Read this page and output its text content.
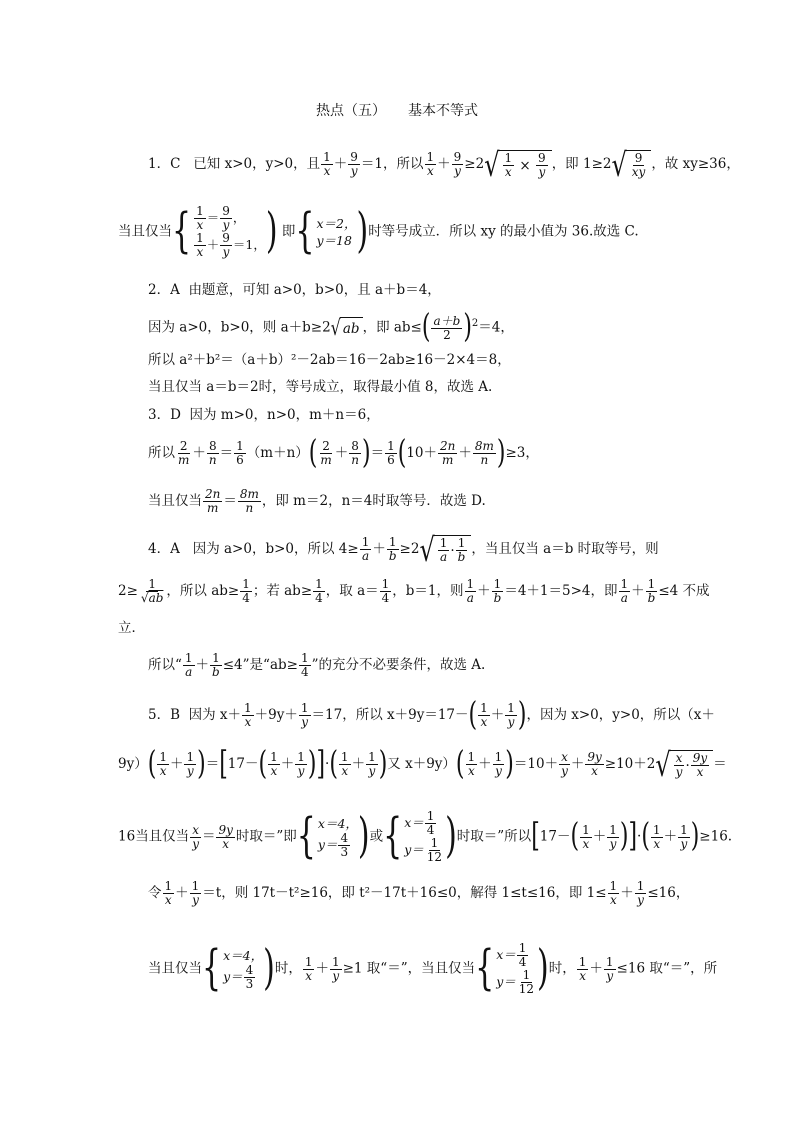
热点（五） 基本不等式
1．C 已知 x>0，y>0，且 $\frac{1}{x} + \frac{9}{y} =1$，所以 $\frac{1}{x} + \frac{9}{y} \ge 2$ √ $\frac{1}{x} \times \frac{9}{y}$ ，即 1≥2 √ $\frac{9}{xy}$ ，故 xy≥36，
当且仅当 { $\frac{1}{x} = \frac{9}{y}$ ，
$\frac{1}{x} + \frac{9}{y} =1$， ) 即 { x＝2，
y＝18 )时等号成立．所以 xy 的最小值为 36.故选 C.
2．A 由题意，可知 a>0，b>0，且 a＋b＝4，
因为 a>0，b>0，则 a＋b≥2 √ ab ，即 $ab\le( \frac{a+b}{2} )^2=4$，
所以 a²＋b²＝（a＋b）²－2ab＝16－2ab≥16－2×4＝8，
当且仅当 a＝b＝2时，等号成立，取得最小值 8，故选 A.
3．D 因为 m>0，n>0，m＋n＝6，
所以 $\frac{2}{m} + \frac{8}{n} = \frac{1}{6} (m+n)( \frac{2}{m} + \frac{8}{n}$ )＝ $\frac{1}{6} (10+ \frac{2n}{m} + \frac{8m}{n} )\ge 3$，
当且仅当 $\frac{2n}{m} = \frac{8m}{n}$ ，即 m＝2，n＝4时取等号．故选 D.
4．A 因为 a>0，b>0，所以 $4\ge \frac{1}{a} + \frac{1}{b} \ge 2$ √ $\frac{1}{a} \cdot \frac{1}{b}$ ，当且仅当 a＝b 时取等号，则
$2\ge \frac{1}{√ab}$ ，所以 $ab\ge \frac{1}{4}$ ；若 $ab\ge \frac{1}{4}$ ，取 $a= \frac{1}{4}$ ，b＝1，则 $\frac{1}{a} + \frac{1}{b} =4+1=5>4$，即 $\frac{1}{a} + \frac{1}{b} \le 4$ 不成
立．
所以“ $\frac{1}{a} + \frac{1}{b} \le 4$”是“$ab\ge \frac{1}{4}$ ”的充分不必要条件，故选 A.
5．B 因为 $x+ \frac{1}{x} +9y+ \frac{1}{y} =17$，所以 $x+9y=17-( \frac{1}{x} + \frac{1}{y}$ )，因为 x>0，y>0，所以（x＋
$9y)( \frac{1}{x} + \frac{1}{y} )=[17-( \frac{1}{x} + \frac{1}{y}$ )]·( $\frac{1}{x} + \frac{1}{y}$ )又 $x+9y)( \frac{1}{x} + \frac{1}{y} )=10+ \frac{x}{y} + \frac{9y}{x} \ge 10+2$ √ $\frac{x}{y} \cdot \frac{9y}{x}$ ＝
16当且仅当 $\frac{x}{y} = \frac{9y}{x}$ 时取＝”即 { x＝4，
$y= \frac{4}{3}$ )或 { $x= \frac{1}{4}$
$y= \frac{1}{12}$ )时取＝”所以[$17-( \frac{1}{x} + \frac{1}{y}$ )]·( $\frac{1}{x} + \frac{1}{y} )\ge 16$.
令 $\frac{1}{x} + \frac{1}{y} =t$，则 17t－t²≥16，即 t²－17t＋16≤0，解得 1≤t≤16，即 $1\le \frac{1}{x} + \frac{1}{y} \le 16$，
当且仅当 { x＝4，
$y= \frac{4}{3}$ )时， $\frac{1}{x} + \frac{1}{y} \ge 1$ 取“＝”，当且仅当 { $x= \frac{1}{4}$
$y= \frac{1}{12}$ )时， $\frac{1}{x} + \frac{1}{y} \le 16$ 取“＝”，所
